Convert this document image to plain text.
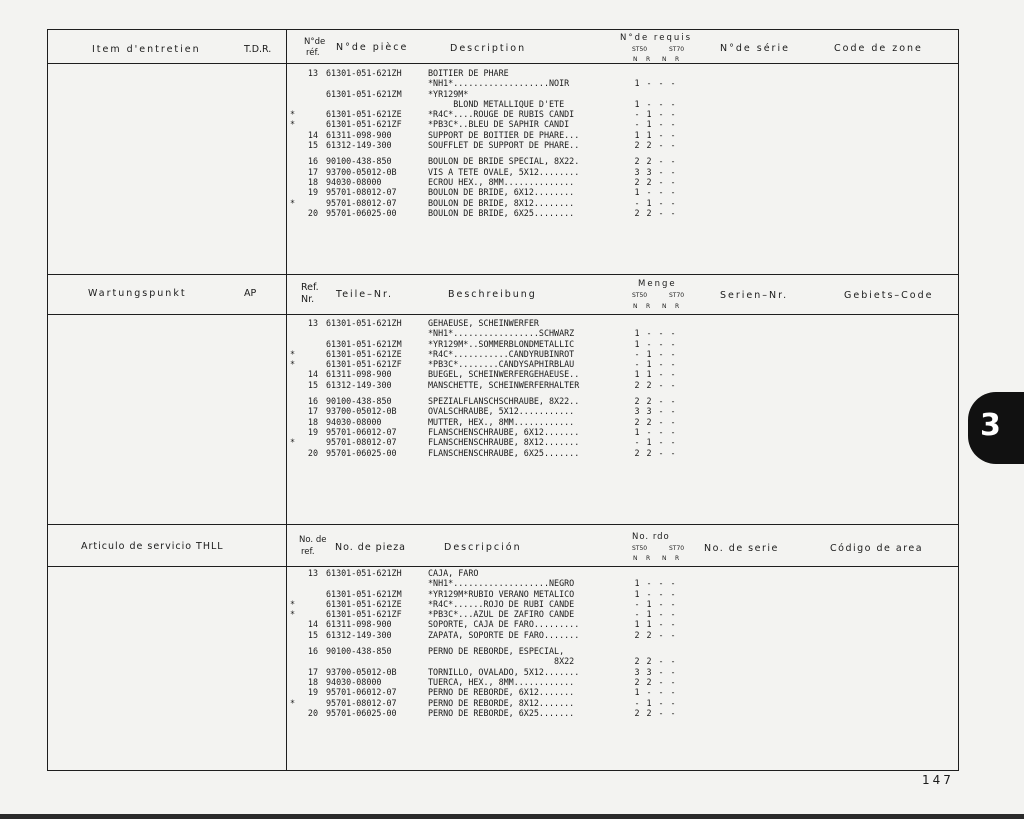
Item d'entretien	T.D.R.
N°de
réf. N°de pièce	Description
N°de requis
ST50	ST70
N R N R
N°de série	Code de zone
Wartungspunkt	AP
Ref.
Nr. Teile–Nr.	Beschreibung
Menge
ST50	ST70
N R N R
Serien–Nr.	Gebiets–Code
Articulo de servicio THLL
No. de
ref. No. de pieza	Descripción
No. rdo
ST50	ST70
N R N R
No. de serie	Código de area
13 61301-051-621ZH	BOITIER DE PHARE
*NH1*...................NOIR	1 - - -
61301-051-621ZM	*YR129M*
BLOND METALLIQUE D'ETE	1 - - -
*	61301-051-621ZE	*R4C*....ROUGE DE RUBIS CANDI	- 1 - -
*	61301-051-621ZF	*PB3C*..BLEU DE SAPHIR CANDI	- 1 - -
14 61311-098-900	SUPPORT DE BOITIER DE PHARE...	1 1 - -
15 61312-149-300	SOUFFLET DE SUPPORT DE PHARE..	2 2 - -
16 90100-438-850	BOULON DE BRIDE SPECIAL, 8X22.	2 2 - -
17 93700-05012-0B	VIS A TETE OVALE, 5X12........	3 3 - -
18 94030-08000	ECROU HEX., 8MM..............	2 2 - -
19 95701-08012-07	BOULON DE BRIDE, 6X12........	1 - - -
*	95701-08012-07	BOULON DE BRIDE, 8X12........	- 1 - -
20 95701-06025-00	BOULON DE BRIDE, 6X25........	2 2 - -
13 61301-051-621ZH	GEHAEUSE, SCHEINWERFER
*NH1*.................SCHWARZ	1 - - -
61301-051-621ZM	*YR129M*..SOMMERBLONDMETALLIC	1 - - -
*	61301-051-621ZE	*R4C*...........CANDYRUBINROT	- 1 - -
*	61301-051-621ZF	*PB3C*........CANDYSAPHIRBLAU	- 1 - -
14 61311-098-900	BUEGEL, SCHEINWERFERGEHAEUSE..	1 1 - -
15 61312-149-300	MANSCHETTE, SCHEINWERFERHALTER	2 2 - -
16 90100-438-850	SPEZIALFLANSCHSCHRAUBE, 8X22..	2 2 - -
17 93700-05012-0B	OVALSCHRAUBE, 5X12...........	3 3 - -
18 94030-08000	MUTTER, HEX., 8MM............	2 2 - -
19 95701-06012-07	FLANSCHENSCHRAUBE, 6X12.......	1 - - -
*	95701-08012-07	FLANSCHENSCHRAUBE, 8X12.......	- 1 - -
20 95701-06025-00	FLANSCHENSCHRAUBE, 6X25.......	2 2 - -
13 61301-051-621ZH	CAJA, FARO
*NH1*...................NEGRO	1 - - -
61301-051-621ZM	*YR129M*RUBIO VERANO METALICO	1 - - -
*	61301-051-621ZE	*R4C*......ROJO DE RUBI CANDE	- 1 - -
*	61301-051-621ZF	*PB3C*...AZUL DE ZAFIRO CANDE	- 1 - -
14 61311-098-900	SOPORTE, CAJA DE FARO.........	1 1 - -
15 61312-149-300	ZAPATA, SOPORTE DE FARO.......	2 2 - -
16 90100-438-850	PERNO DE REBORDE, ESPECIAL,
8X22	2 2 - -
17 93700-05012-0B	TORNILLO, OVALADO, 5X12.......	3 3 - -
18 94030-08000	TUERCA, HEX., 8MM............	2 2 - -
19 95701-06012-07	PERNO DE REBORDE, 6X12.......	1 - - -
*	95701-08012-07	PERNO DE REBORDE, 8X12.......	- 1 - -
20 95701-06025-00	PERNO DE REBORDE, 6X25.......	2 2 - -
3
147
